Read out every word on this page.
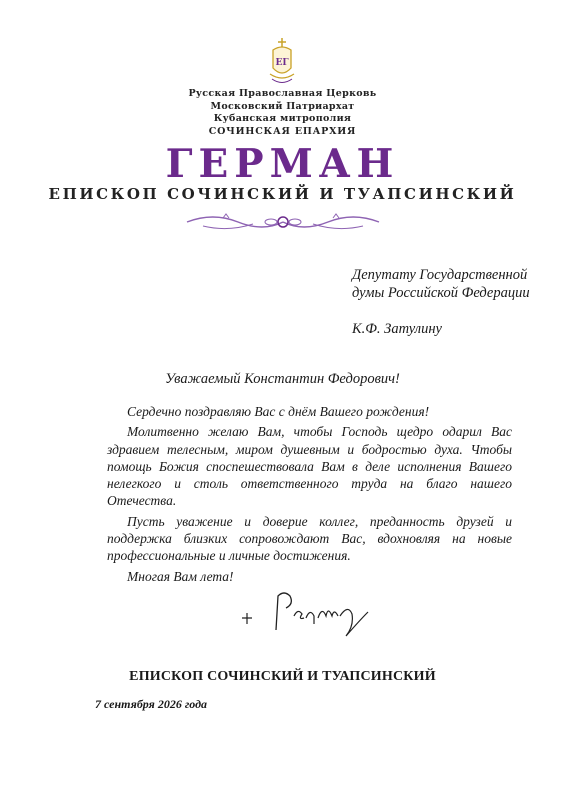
ЕГ
Русская Православная Церковь
Московский Патриархат
Кубанская митрополия
СОЧИНСКАЯ ЕПАРХИЯ
ГЕРМАН
ЕПИСКОП СОЧИНСКИЙ И ТУАПСИНСКИЙ
Депутату Государственной
думы Российской Федерации
К.Ф. Затулину
Уважаемый Константин Федорович!

Сердечно поздравляю Вас с днём Вашего рождения!

Молитвенно желаю Вам, чтобы Господь щедро одарил Вас здравием телесным, миром душевным и бодростью духа. Чтобы помощь Божия споспешествовала Вам в деле исполнения Вашего нелегкого и столь ответственного труда на благо нашего Отечества.

Пусть уважение и доверие коллег, преданность друзей и поддержка близких сопровождают Вас, вдохновляя на новые профессиональные и личные достижения.

Многая Вам лета!

ЕПИСКОП СОЧИНСКИЙ И ТУАПСИНСКИЙ
7 сентября 2026 года
